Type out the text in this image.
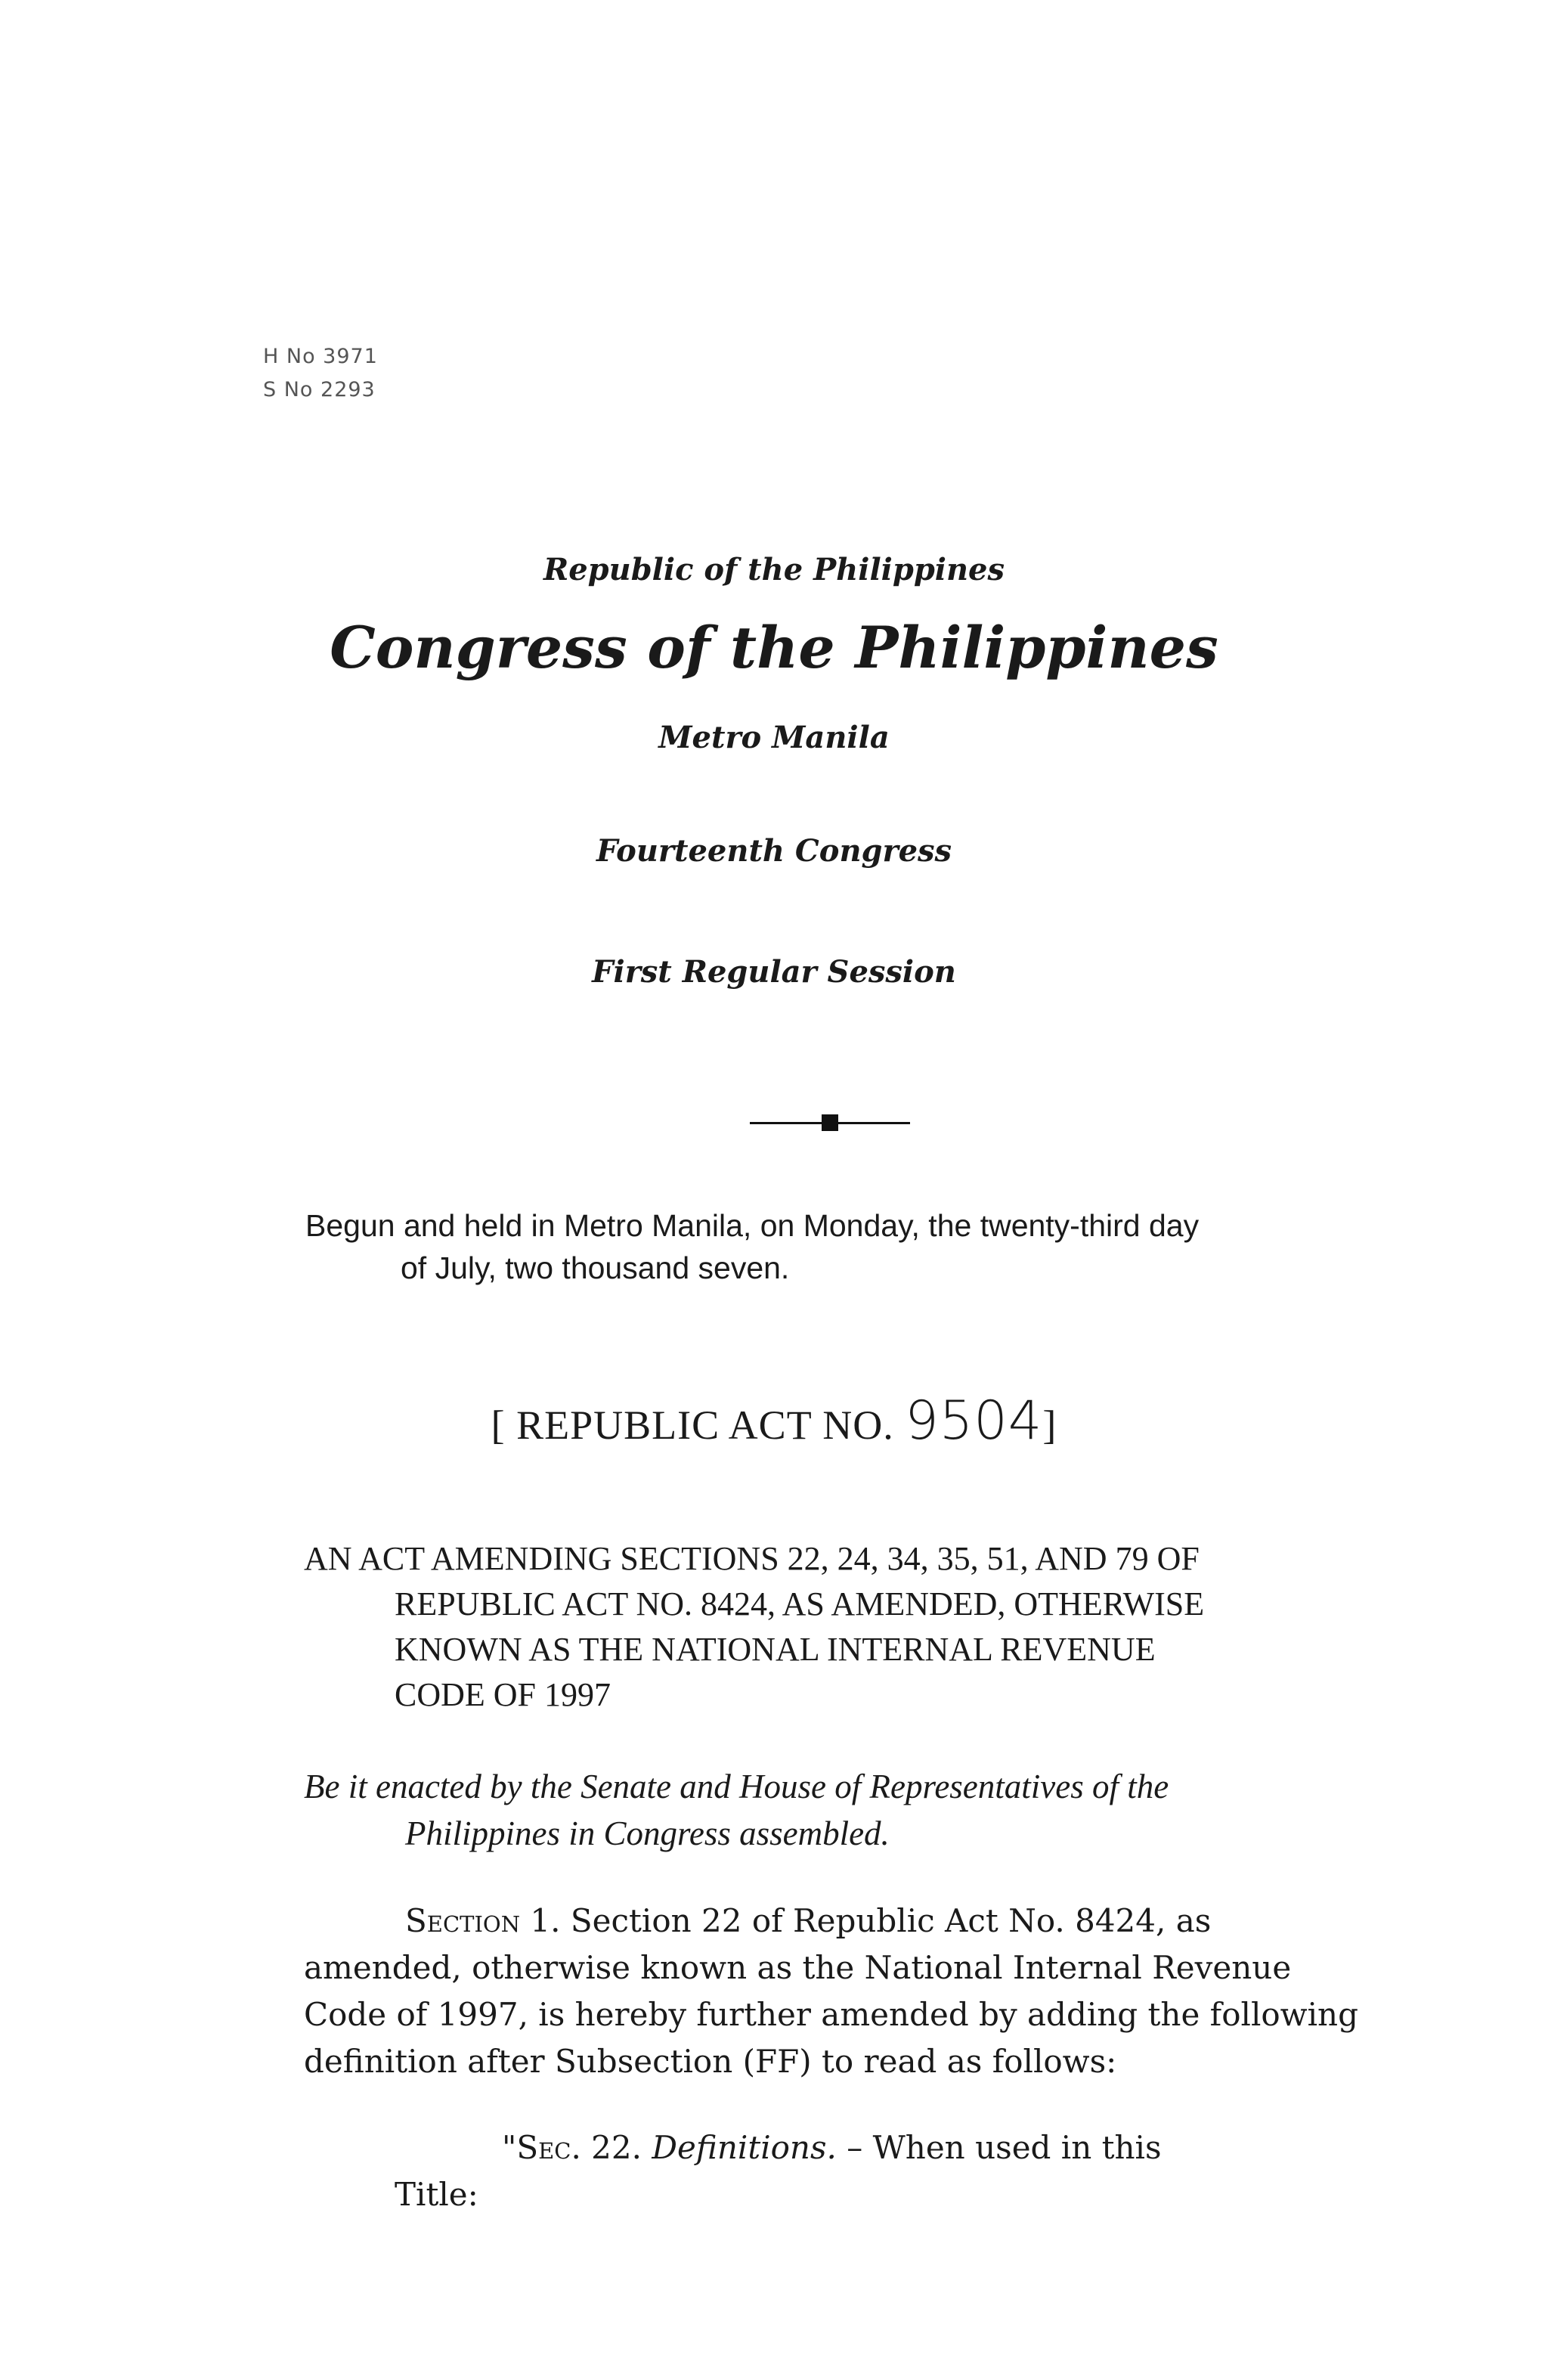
H No 3971
S No 2293
Republic of the Philippines
Congress of the Philippines
Metro Manila
Fourteenth Congress
First Regular Session
Begun and held in Metro Manila, on Monday, the twenty-third day
of July, two thousand seven.
[ REPUBLIC ACT NO. 9504]
AN ACT AMENDING SECTIONS 22, 24, 34, 35, 51, AND 79 OF
REPUBLIC ACT NO. 8424, AS AMENDED, OTHERWISE
KNOWN AS THE NATIONAL INTERNAL REVENUE
CODE OF 1997
Be it enacted by the Senate and House of Representatives of the
Philippines in Congress assembled.
Section 1. Section 22 of Republic Act No. 8424, as
amended, otherwise known as the National Internal Revenue
Code of 1997, is hereby further amended by adding the following
definition after Subsection (FF) to read as follows:
"Sec. 22. Definitions. – When used in this
Title:
